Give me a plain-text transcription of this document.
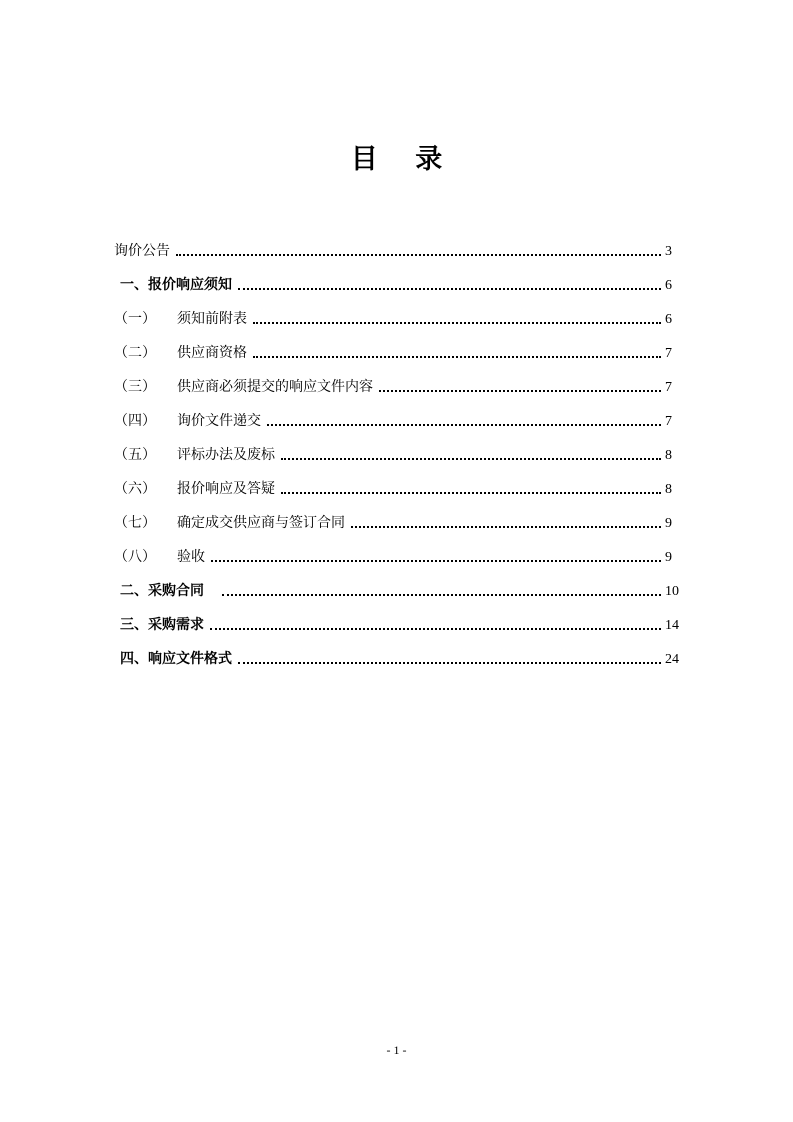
目 录
询价公告	3
一、报价响应须知	6
（一）	须知前附表	6
（二）	供应商资格	7
（三）	供应商必须提交的响应文件内容	7
（四）	询价文件递交	7
（五）	评标办法及废标	8
（六）	报价响应及答疑	8
（七）	确定成交供应商与签订合同	9
（八）	验收	9
二、采购合同	10
三、采购需求	14
四、响应文件格式	24
- 1 -
